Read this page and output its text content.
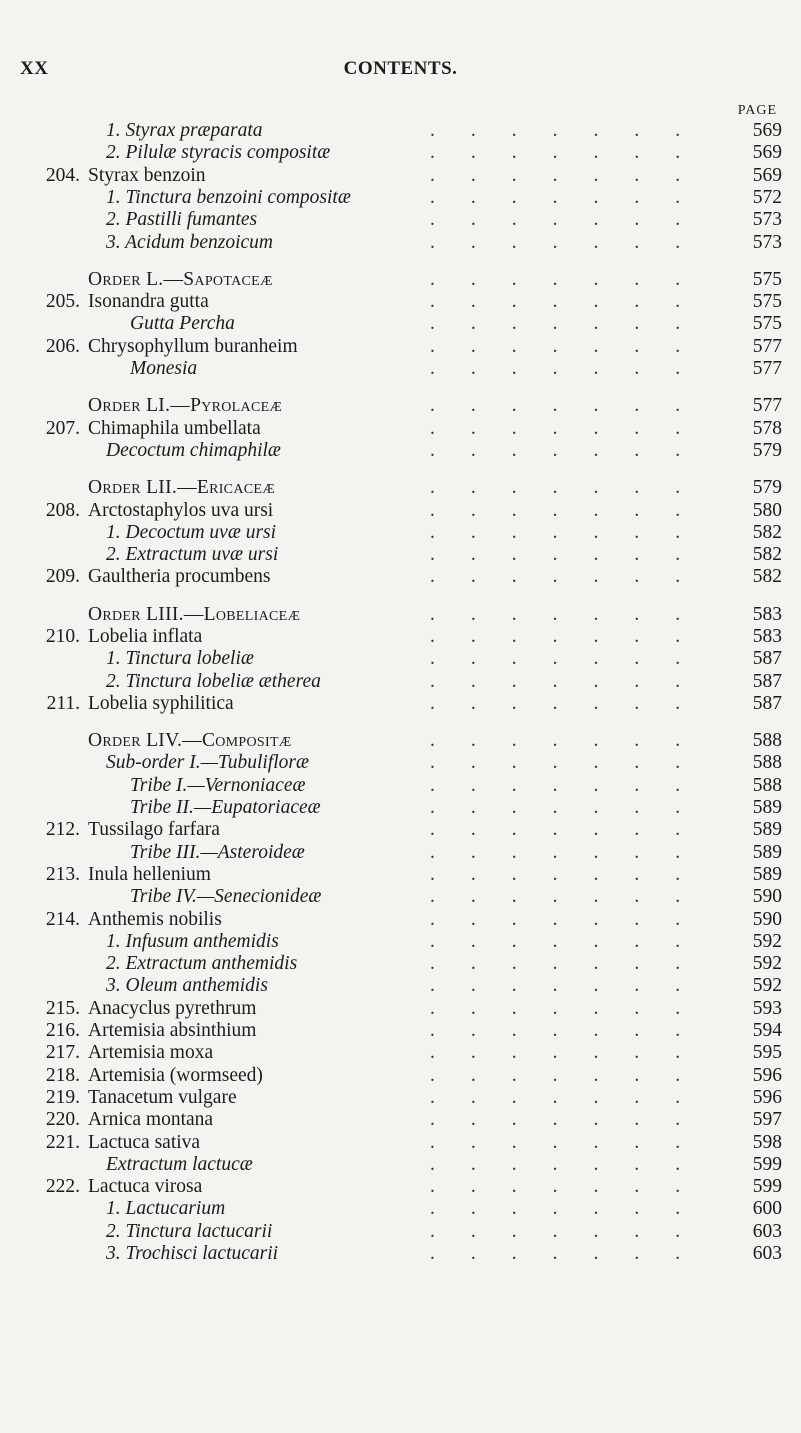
XX	CONTENTS.
PAGE
1. Styrax præparata	.......	569
2. Pilulæ styracis compositæ	.......	569
204. Styrax benzoin	.......	569
1. Tinctura benzoini compositæ	.......	572
2. Pastilli fumantes	.......	573
3. Acidum benzoicum	.......	573
Order L.—Sapotaceæ	.......	575
205. Isonandra gutta	.......	575
Gutta Percha	.......	575
206. Chrysophyllum buranheim	.......	577
Monesia	.......	577
Order LI.—Pyrolaceæ	.......	577
207. Chimaphila umbellata	.......	578
Decoctum chimaphilæ	.......	579
Order LII.—Ericaceæ	.......	579
208. Arctostaphylos uva ursi	.......	580
1. Decoctum uvæ ursi	.......	582
2. Extractum uvæ ursi	.......	582
209. Gaultheria procumbens	.......	582
Order LIII.—Lobeliaceæ	.......	583
210. Lobelia inflata	.......	583
1. Tinctura lobeliæ	.......	587
2. Tinctura lobeliæ ætherea	.......	587
211. Lobelia syphilitica	.......	587
Order LIV.—Compositæ	.......	588
Sub-order I.—Tubulifloræ	.......	588
Tribe I.—Vernoniaceæ	.......	588
Tribe II.—Eupatoriaceæ	.......	589
212. Tussilago farfara	.......	589
Tribe III.—Asteroideæ	.......	589
213. Inula hellenium	.......	589
Tribe IV.—Senecionideæ	.......	590
214. Anthemis nobilis	.......	590
1. Infusum anthemidis	.......	592
2. Extractum anthemidis	.......	592
3. Oleum anthemidis	.......	592
215. Anacyclus pyrethrum	.......	593
216. Artemisia absinthium	.......	594
217. Artemisia moxa	.......	595
218. Artemisia (wormseed)	.......	596
219. Tanacetum vulgare	.......	596
220. Arnica montana	.......	597
221. Lactuca sativa	.......	598
Extractum lactucæ	.......	599
222. Lactuca virosa	.......	599
1. Lactucarium	.......	600
2. Tinctura lactucarii	.......	603
3. Trochisci lactucarii	.......	603
